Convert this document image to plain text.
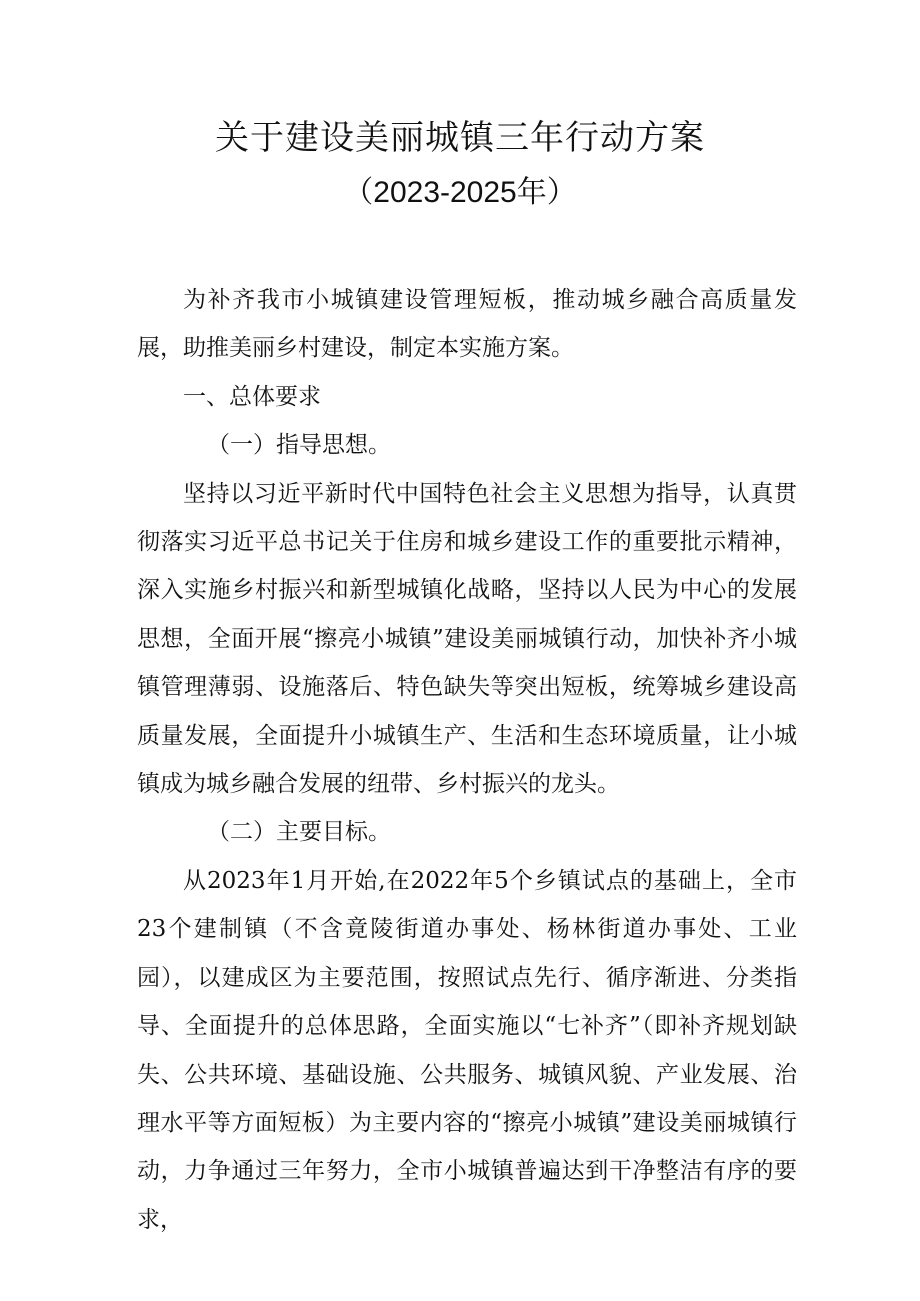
关于建设美丽城镇三年行动方案
（2023-2025年）

为补齐我市小城镇建设管理短板，推动城乡融合高质量发展，助推美丽乡村建设，制定本实施方案。

一、总体要求

（一）指导思想。

坚持以习近平新时代中国特色社会主义思想为指导，认真贯彻落实习近平总书记关于住房和城乡建设工作的重要批示精神，深入实施乡村振兴和新型城镇化战略，坚持以人民为中心的发展思想，全面开展“擦亮小城镇”建设美丽城镇行动，加快补齐小城镇管理薄弱、设施落后、特色缺失等突出短板，统筹城乡建设高质量发展，全面提升小城镇生产、生活和生态环境质量，让小城镇成为城乡融合发展的纽带、乡村振兴的龙头。

（二）主要目标。

从2023年1月开始,在2022年5个乡镇试点的基础上，全市23个建制镇（不含竟陵街道办事处、杨林街道办事处、工业园），以建成区为主要范围，按照试点先行、循序渐进、分类指导、全面提升的总体思路，全面实施以“七补齐”（即补齐规划缺失、公共环境、基础设施、公共服务、城镇风貌、产业发展、治理水平等方面短板）为主要内容的“擦亮小城镇”建设美丽城镇行动，力争通过三年努力，全市小城镇普遍达到干净整洁有序的要求，
